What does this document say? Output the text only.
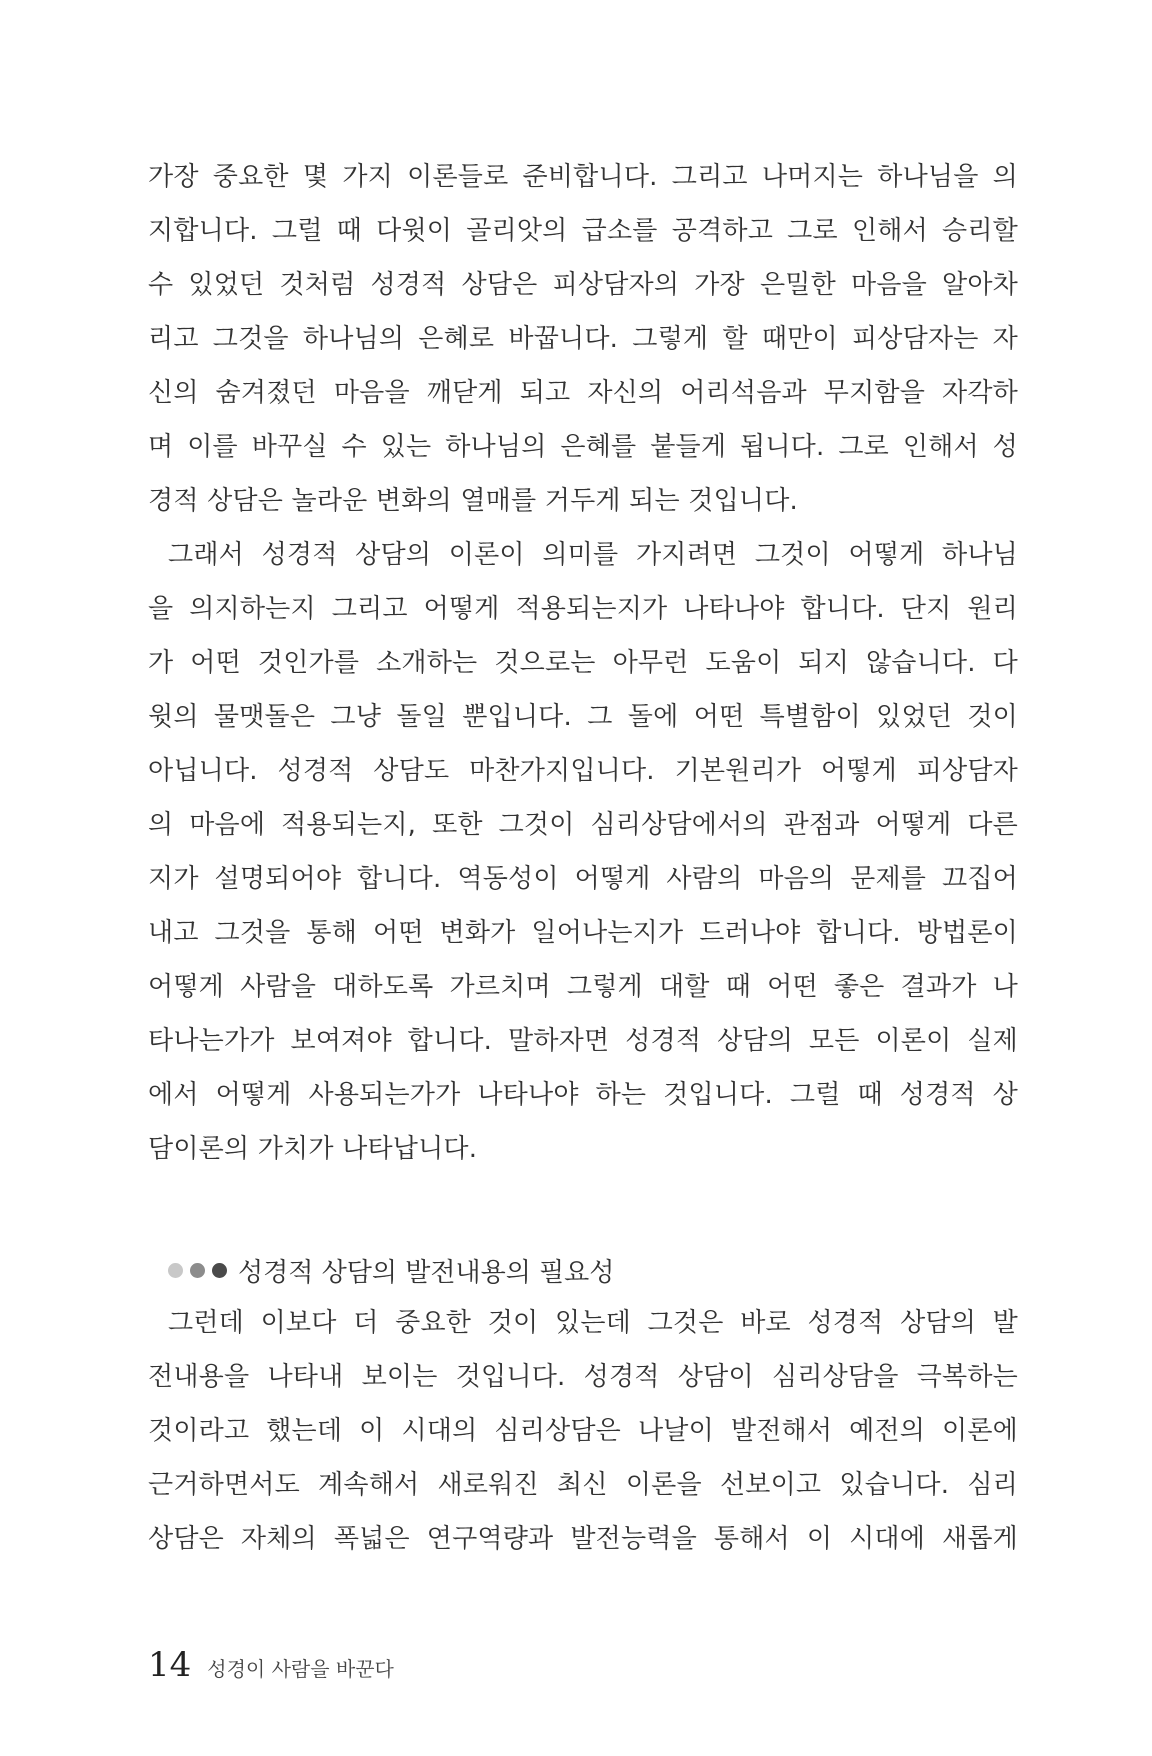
가장 중요한 몇 가지 이론들로 준비합니다. 그리고 나머지는 하나님을 의
지합니다. 그럴 때 다윗이 골리앗의 급소를 공격하고 그로 인해서 승리할
수 있었던 것처럼 성경적 상담은 피상담자의 가장 은밀한 마음을 알아차
리고 그것을 하나님의 은혜로 바꿉니다. 그렇게 할 때만이 피상담자는 자
신의 숨겨졌던 마음을 깨닫게 되고 자신의 어리석음과 무지함을 자각하
며 이를 바꾸실 수 있는 하나님의 은혜를 붙들게 됩니다. 그로 인해서 성
경적 상담은 놀라운 변화의 열매를 거두게 되는 것입니다.
그래서 성경적 상담의 이론이 의미를 가지려면 그것이 어떻게 하나님
을 의지하는지 그리고 어떻게 적용되는지가 나타나야 합니다. 단지 원리
가 어떤 것인가를 소개하는 것으로는 아무런 도움이 되지 않습니다. 다
윗의 물맷돌은 그냥 돌일 뿐입니다. 그 돌에 어떤 특별함이 있었던 것이
아닙니다. 성경적 상담도 마찬가지입니다. 기본원리가 어떻게 피상담자
의 마음에 적용되는지, 또한 그것이 심리상담에서의 관점과 어떻게 다른
지가 설명되어야 합니다. 역동성이 어떻게 사람의 마음의 문제를 끄집어
내고 그것을 통해 어떤 변화가 일어나는지가 드러나야 합니다. 방법론이
어떻게 사람을 대하도록 가르치며 그렇게 대할 때 어떤 좋은 결과가 나
타나는가가 보여져야 합니다. 말하자면 성경적 상담의 모든 이론이 실제
에서 어떻게 사용되는가가 나타나야 하는 것입니다. 그럴 때 성경적 상
담이론의 가치가 나타납니다.
성경적 상담의 발전내용의 필요성
그런데 이보다 더 중요한 것이 있는데 그것은 바로 성경적 상담의 발
전내용을 나타내 보이는 것입니다. 성경적 상담이 심리상담을 극복하는
것이라고 했는데 이 시대의 심리상담은 나날이 발전해서 예전의 이론에
근거하면서도 계속해서 새로워진 최신 이론을 선보이고 있습니다. 심리
상담은 자체의 폭넓은 연구역량과 발전능력을 통해서 이 시대에 새롭게
14 성경이 사람을 바꾼다
